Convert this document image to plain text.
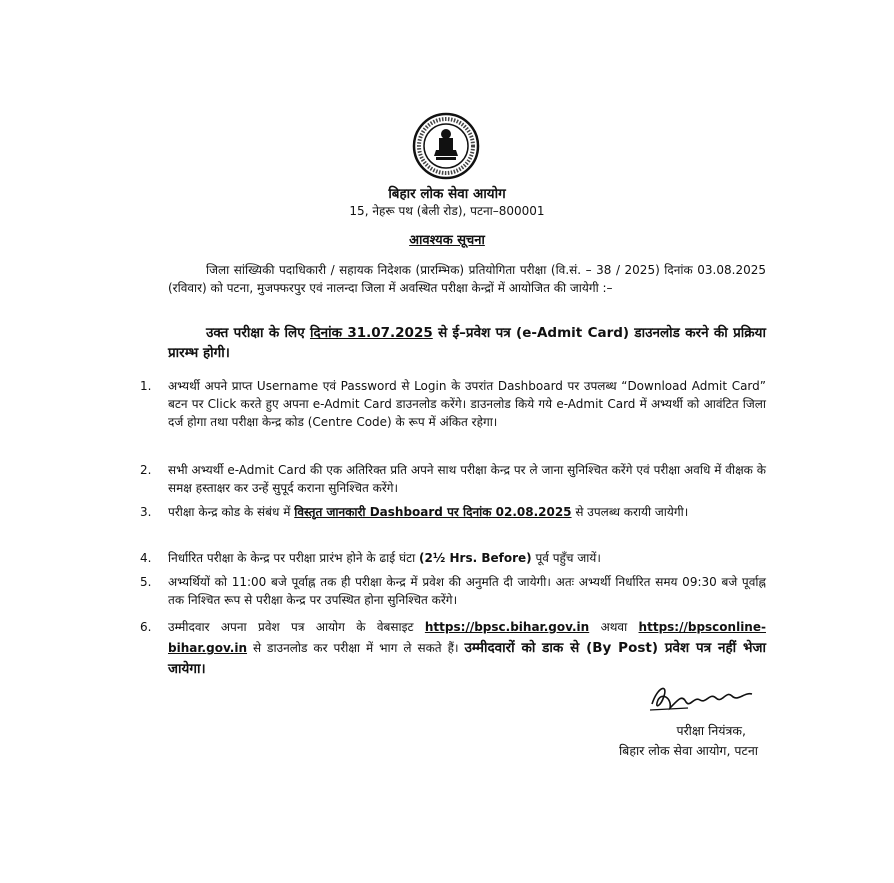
बिहार लोक सेवा आयोग
15, नेहरू पथ (बेली रोड), पटना–800001
आवश्यक सूचना
जिला सांख्यिकी पदाधिकारी / सहायक निदेशक (प्रारम्भिक) प्रतियोगिता परीक्षा (वि.सं. – 38 / 2025) दिनांक 03.08.2025 (रविवार) को पटना, मुजफ्फरपुर एवं नालन्दा जिला में अवस्थित परीक्षा केन्द्रों में आयोजित की जायेगी :–
उक्त परीक्षा के लिए दिनांक 31.07.2025 से ई–प्रवेश पत्र (e-Admit Card) डाउनलोड करने की प्रक्रिया प्रारम्भ होगी।
1.	अभ्यर्थी अपने प्राप्त Username एवं Password से Login के उपरांत Dashboard पर उपलब्ध “Download Admit Card” बटन पर Click करते हुए अपना e-Admit Card डाउनलोड करेंगे। डाउनलोड किये गये e-Admit Card में अभ्यर्थी को आवंटित जिला दर्ज होगा तथा परीक्षा केन्द्र कोड (Centre Code) के रूप में अंकित रहेगा।
2.	सभी अभ्यर्थी e-Admit Card की एक अतिरिक्त प्रति अपने साथ परीक्षा केन्द्र पर ले जाना सुनिश्चित करेंगे एवं परीक्षा अवधि में वीक्षक के समक्ष हस्ताक्षर कर उन्हें सुपूर्द कराना सुनिश्चित करेंगे।
3.	परीक्षा केन्द्र कोड के संबंध में विस्तृत जानकारी Dashboard पर दिनांक 02.08.2025 से उपलब्ध करायी जायेगी।
4.	निर्धारित परीक्षा के केन्द्र पर परीक्षा प्रारंभ होने के ढाई घंटा (2½ Hrs. Before) पूर्व पहुँच जायें।
5.	अभ्यर्थियों को 11:00 बजे पूर्वाह्न तक ही परीक्षा केन्द्र में प्रवेश की अनुमति दी जायेगी। अतः अभ्यर्थी निर्धारित समय 09:30 बजे पूर्वाह्न तक निश्चित रूप से परीक्षा केन्द्र पर उपस्थित होना सुनिश्चित करेंगे।
6.	उम्मीदवार अपना प्रवेश पत्र आयोग के वेबसाइट https://bpsc.bihar.gov.in अथवा https://bpsconline-bihar.gov.in से डाउनलोड कर परीक्षा में भाग ले सकते हैं। उम्मीदवारों को डाक से (By Post) प्रवेश पत्र नहीं भेजा जायेगा।
परीक्षा नियंत्रक,
बिहार लोक सेवा आयोग, पटना
